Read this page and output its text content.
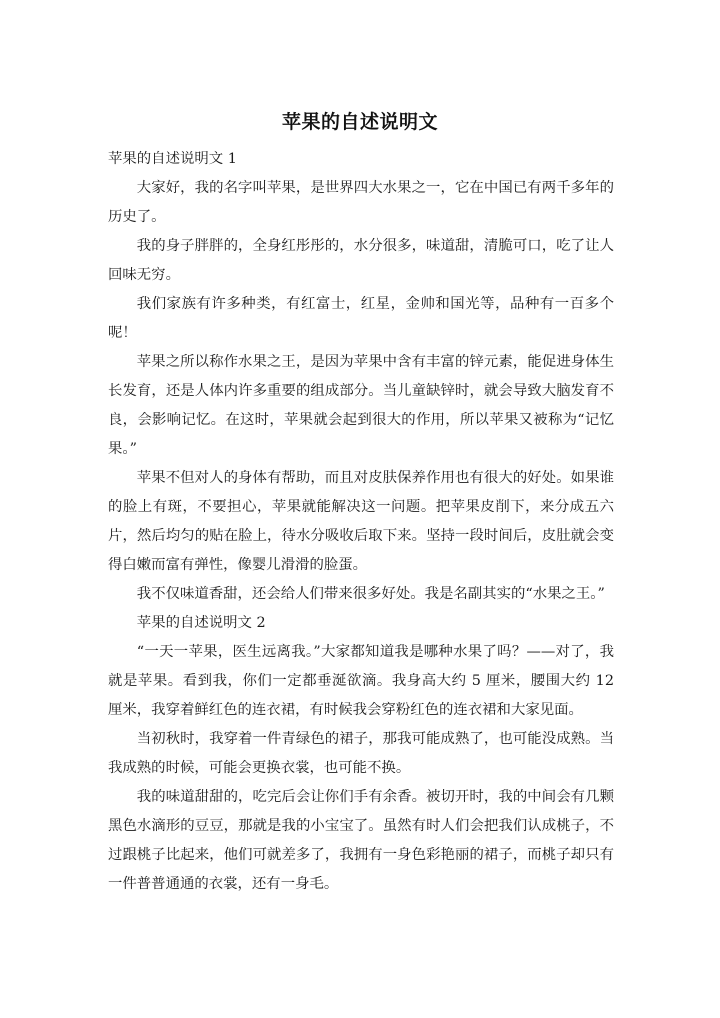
苹果的自述说明文

苹果的自述说明文 1

大家好，我的名字叫苹果，是世界四大水果之一，它在中国已有两千多年的历史了。

我的身子胖胖的，全身红彤彤的，水分很多，味道甜，清脆可口，吃了让人回味无穷。

我们家族有许多种类，有红富士，红星，金帅和国光等，品种有一百多个呢！

苹果之所以称作水果之王，是因为苹果中含有丰富的锌元素，能促进身体生长发育，还是人体内许多重要的组成部分。当儿童缺锌时，就会导致大脑发育不良，会影响记忆。在这时，苹果就会起到很大的作用，所以苹果又被称为“记忆果。”

苹果不但对人的身体有帮助，而且对皮肤保养作用也有很大的好处。如果谁的脸上有斑，不要担心，苹果就能解决这一问题。把苹果皮削下，来分成五六片，然后均匀的贴在脸上，待水分吸收后取下来。坚持一段时间后，皮肚就会变得白嫩而富有弹性，像婴儿滑滑的脸蛋。

我不仅味道香甜，还会给人们带来很多好处。我是名副其实的“水果之王。”

苹果的自述说明文 2

“一天一苹果，医生远离我。”大家都知道我是哪种水果了吗？——对了，我就是苹果。看到我，你们一定都垂涎欲滴。我身高大约 5 厘米，腰围大约 12 厘米，我穿着鲜红色的连衣裙，有时候我会穿粉红色的连衣裙和大家见面。

当初秋时，我穿着一件青绿色的裙子，那我可能成熟了，也可能没成熟。当我成熟的时候，可能会更换衣裳，也可能不换。

我的味道甜甜的，吃完后会让你们手有余香。被切开时，我的中间会有几颗黑色水滴形的豆豆，那就是我的小宝宝了。虽然有时人们会把我们认成桃子，不过跟桃子比起来，他们可就差多了，我拥有一身色彩艳丽的裙子，而桃子却只有一件普普通通的衣裳，还有一身毛。
